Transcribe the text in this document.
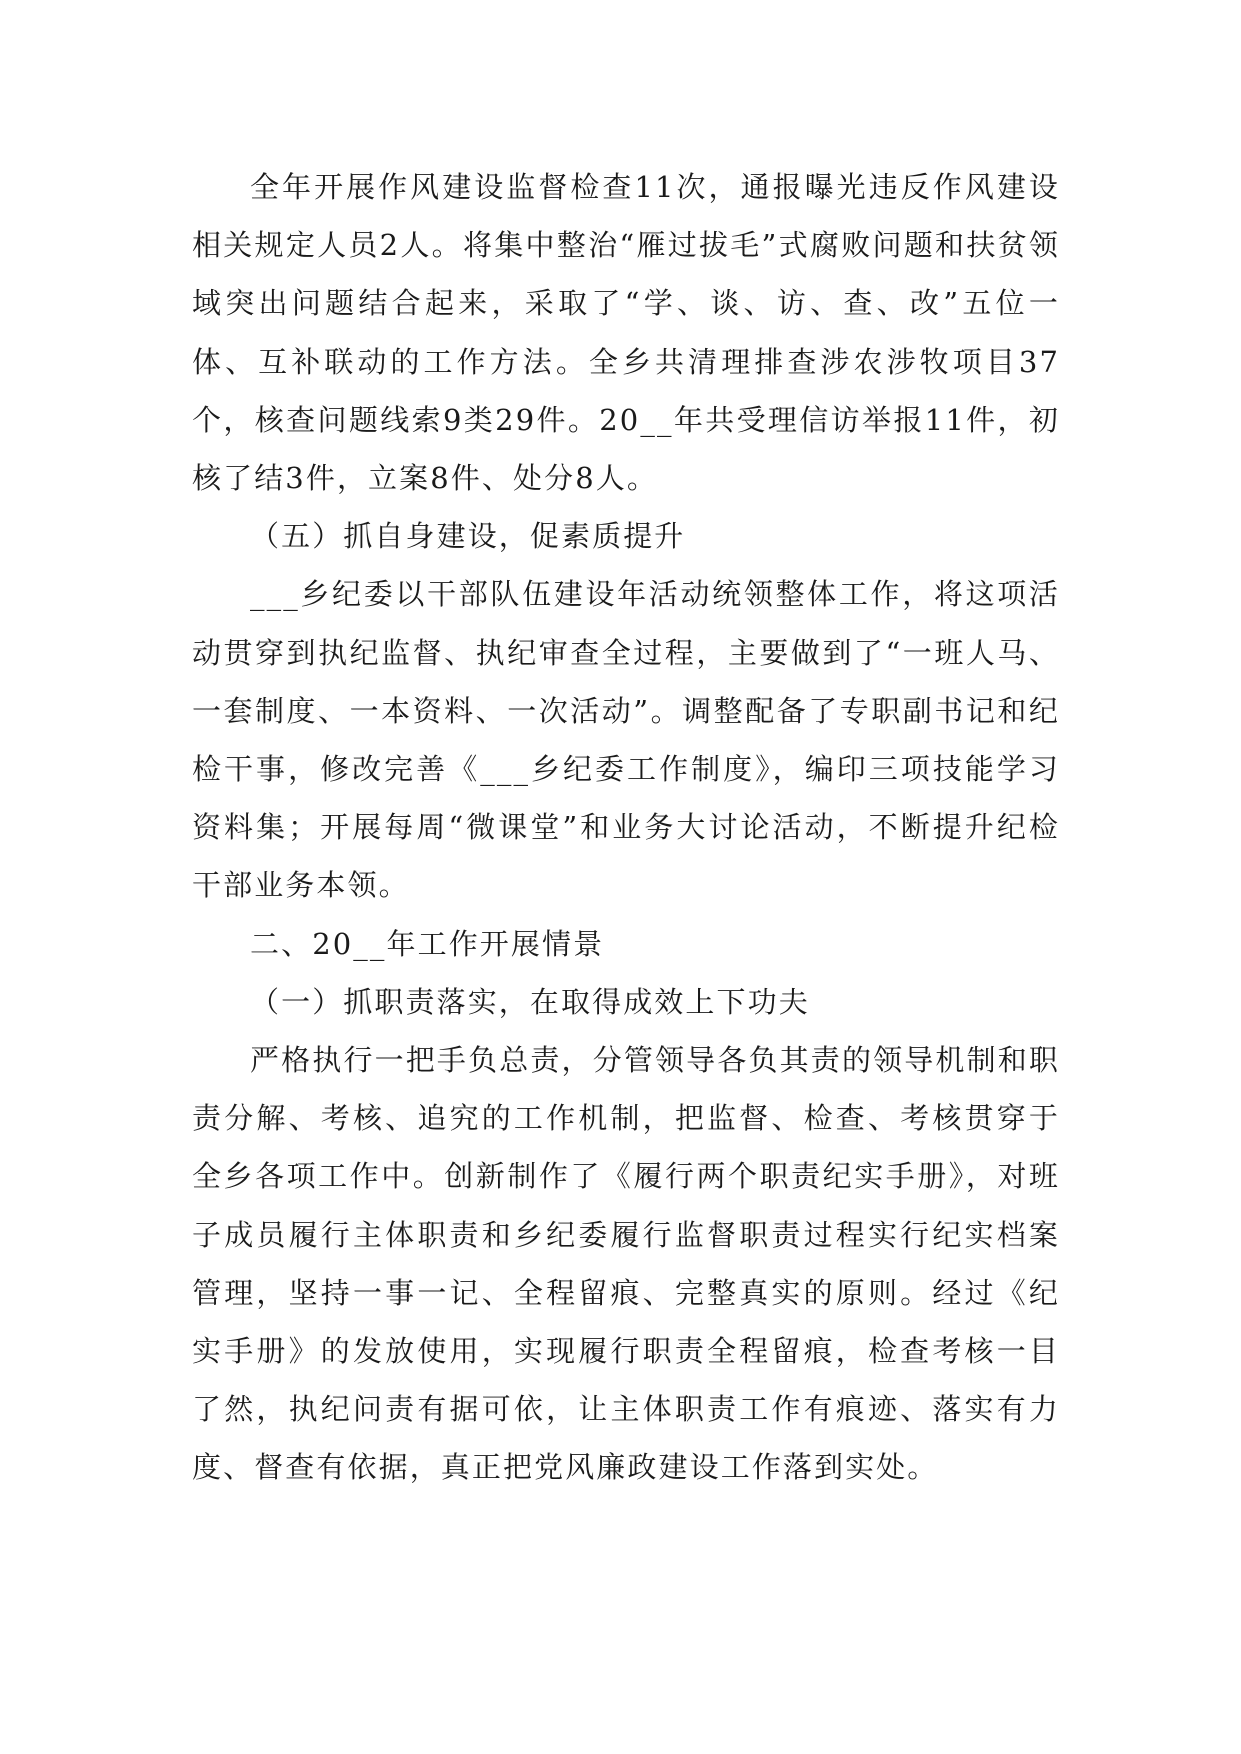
全年开展作风建设监督检查11次，通报曝光违反作风建设相关规定人员2人。将集中整治“雁过拔毛”式腐败问题和扶贫领域突出问题结合起来，采取了“学、谈、访、查、改”五位一体、互补联动的工作方法。全乡共清理排查涉农涉牧项目37个，核查问题线索9类29件。20__年共受理信访举报11件，初核了结3件，立案8件、处分8人。

（五）抓自身建设，促素质提升

___乡纪委以干部队伍建设年活动统领整体工作，将这项活动贯穿到执纪监督、执纪审查全过程，主要做到了“一班人马、一套制度、一本资料、一次活动”。调整配备了专职副书记和纪检干事，修改完善《___乡纪委工作制度》，编印三项技能学习资料集；开展每周“微课堂”和业务大讨论活动，不断提升纪检干部业务本领。

二、20__年工作开展情景

（一）抓职责落实，在取得成效上下功夫

严格执行一把手负总责，分管领导各负其责的领导机制和职责分解、考核、追究的工作机制，把监督、检查、考核贯穿于全乡各项工作中。创新制作了《履行两个职责纪实手册》，对班子成员履行主体职责和乡纪委履行监督职责过程实行纪实档案管理，坚持一事一记、全程留痕、完整真实的原则。经过《纪实手册》的发放使用，实现履行职责全程留痕，检查考核一目了然，执纪问责有据可依，让主体职责工作有痕迹、落实有力度、督查有依据，真正把党风廉政建设工作落到实处。
